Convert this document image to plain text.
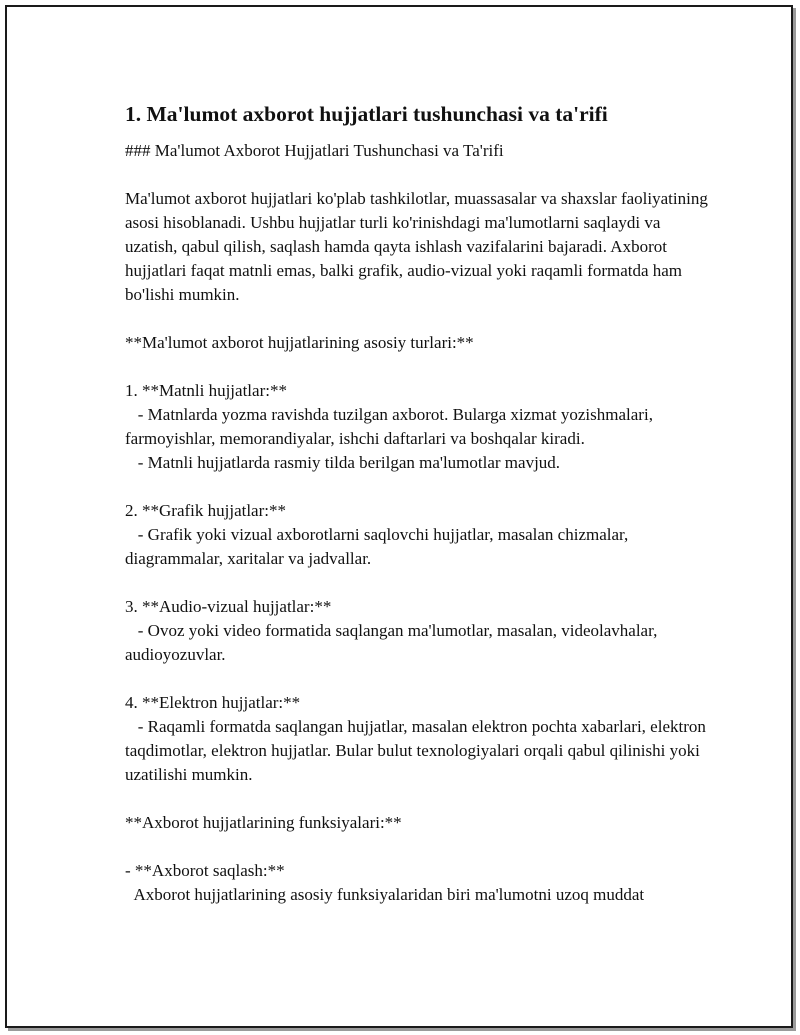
1. Ma'lumot axborot hujjatlari tushunchasi va ta'rifi
### Ma'lumot Axborot Hujjatlari Tushunchasi va Ta'rifi

Ma'lumot axborot hujjatlari ko'plab tashkilotlar, muassasalar va shaxslar faoliyatining asosi hisoblanadi. Ushbu hujjatlar turli ko'rinishdagi ma'lumotlarni saqlaydi va uzatish, qabul qilish, saqlash hamda qayta ishlash vazifalarini bajaradi. Axborot hujjatlari faqat matnli emas, balki grafik, audio-vizual yoki raqamli formatda ham bo'lishi mumkin.

**Ma'lumot axborot hujjatlarining asosiy turlari:**
1. **Matnli hujjatlar:**
- Matnlarda yozma ravishda tuzilgan axborot. Bularga xizmat yozishmalari, farmoyishlar, memorandiyalar, ishchi daftarlari va boshqalar kiradi.
- Matnli hujjatlarda rasmiy tilda berilgan ma'lumotlar mavjud.
2. **Grafik hujjatlar:**
- Grafik yoki vizual axborotlarni saqlovchi hujjatlar, masalan chizmalar, diagrammalar, xaritalar va jadvallar.
3. **Audio-vizual hujjatlar:**
- Ovoz yoki video formatida saqlangan ma'lumotlar, masalan, videolavhalar, audioyozuvlar.
4. **Elektron hujjatlar:**
- Raqamli formatda saqlangan hujjatlar, masalan elektron pochta xabarlari, elektron taqdimotlar, elektron hujjatlar. Bular bulut texnologiyalari orqali qabul qilinishi yoki uzatilishi mumkin.
**Axborot hujjatlarining funksiyalari:**
- **Axborot saqlash:**
Axborot hujjatlarining asosiy funksiyalaridan biri ma'lumotni uzoq muddat
